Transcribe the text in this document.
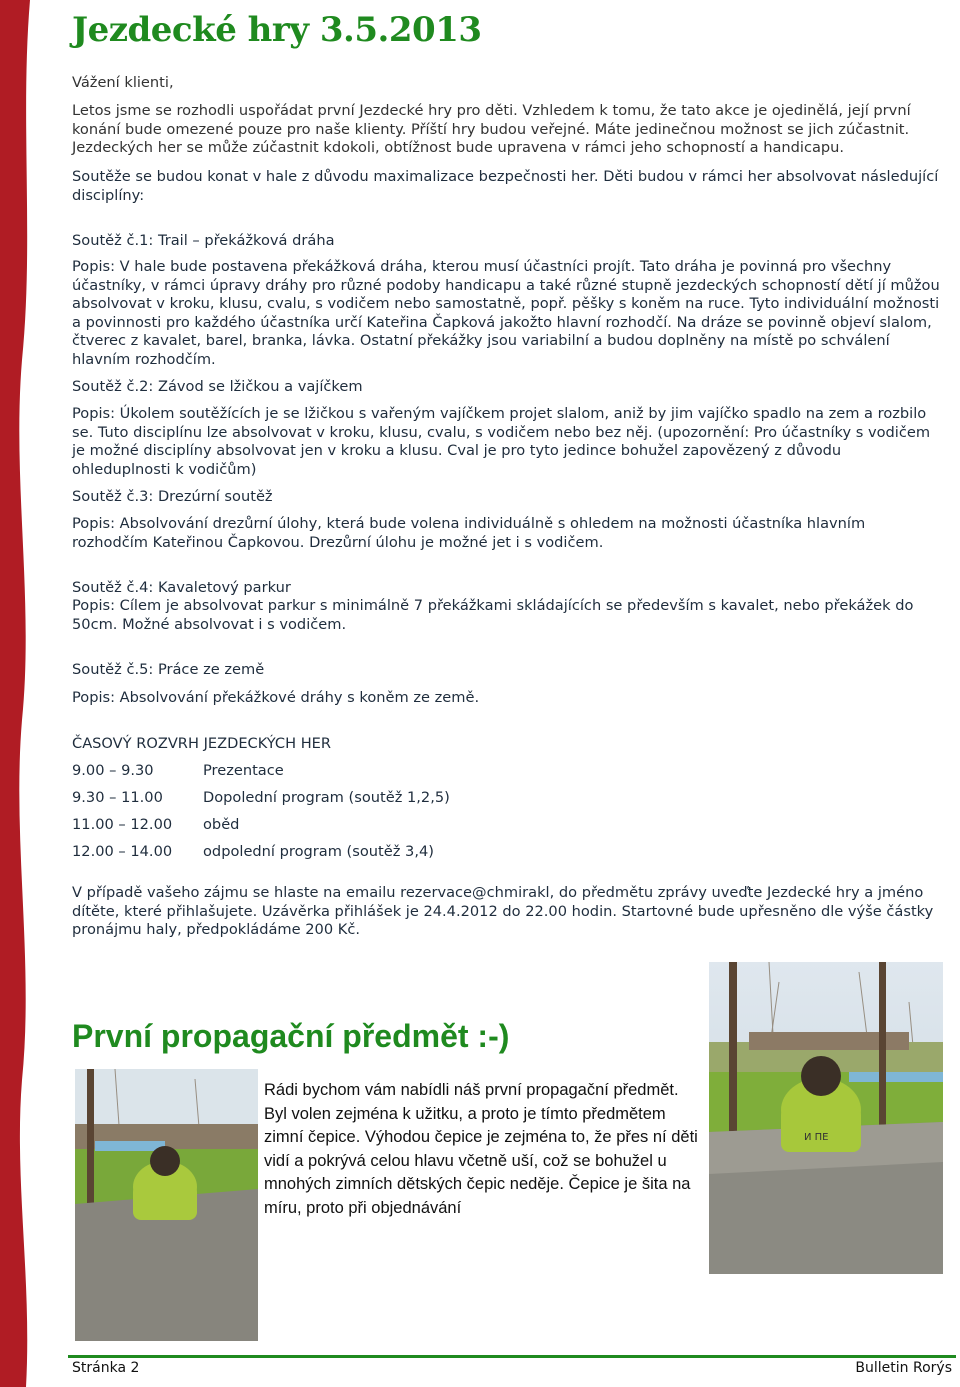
Jezdecké hry 3.5.2013

Vážení klienti,

Letos jsme se rozhodli uspořádat první Jezdecké hry pro děti. Vzhledem k tomu, že tato akce je ojedinělá, její první konání bude omezené pouze pro naše klienty. Příští hry budou veřejné. Máte jedinečnou možnost se jich zúčastnit. Jezdeckých her se může zúčastnit kdokoli, obtížnost bude upravena v rámci jeho schopností a handicapu.

Soutěže se budou konat v hale z důvodu maximalizace bezpečnosti her. Děti budou v rámci her absolvovat následující disciplíny:

Soutěž č.1: Trail – překážková dráha

Popis: V hale bude postavena překážková dráha, kterou musí účastníci projít. Tato dráha je povinná pro všechny účastníky, v rámci úpravy dráhy pro různé podoby handicapu a také různé stupně jezdeckých schopností dětí jí můžou absolvovat v kroku, klusu, cvalu, s vodičem nebo samostatně, popř. pěšky s koněm na ruce. Tyto individuální možnosti a povinnosti pro každého účastníka určí Kateřina Čapková jakožto hlavní rozhodčí. Na dráze se povinně objeví slalom, čtverec z kavalet, barel, branka, lávka. Ostatní překážky jsou variabilní a budou doplněny na místě po schválení hlavním rozhodčím.

Soutěž č.2: Závod se lžičkou a vajíčkem

Popis: Úkolem soutěžících je se lžičkou s vařeným vajíčkem projet slalom, aniž by jim vajíčko spadlo na zem a rozbilo se. Tuto disciplínu lze absolvovat v kroku, klusu, cvalu, s vodičem nebo bez něj. (upozornění: Pro účastníky s vodičem je možné disciplíny absolvovat jen v kroku a klusu. Cval je pro tyto jedince bohužel zapovězený z důvodu ohleduplnosti k vodičům)

Soutěž č.3: Drezúrní soutěž

Popis: Absolvování drezůrní úlohy, která bude volena individuálně s ohledem na možnosti účastníka hlavním rozhodčím Kateřinou Čapkovou. Drezůrní úlohu je možné jet i s vodičem.

Soutěž č.4: Kavaletový parkur

Popis: Cílem je absolvovat parkur s minimálně 7 překážkami skládajících se především s kavalet, nebo překážek do 50cm. Možné absolvovat i s vodičem.

Soutěž č.5: Práce ze země

Popis: Absolvování překážkové dráhy s koněm ze země.

ČASOVÝ ROZVRH JEZDECKÝCH HER

9.00 – 9.30	Prezentace
9.30 – 11.00	Dopolední program (soutěž 1,2,5)
11.00 – 12.00 oběd
12.00 – 14.00 odpolední program (soutěž 3,4)

V případě vašeho zájmu se hlaste na emailu rezervace@chmirakl, do předmětu zprávy uveďte Jezdecké hry a jméno dítěte, které přihlašujete. Uzávěrka přihlášek je 24.4.2012 do 22.00 hodin. Startovné bude upřesněno dle výše částky pronájmu haly, předpokládáme 200 Kč.

И ПЕ
První propagační předmět :-)

Rádi bychom vám nabídli náš první propagační předmět. Byl volen zejména k užitku, a proto je tímto předmětem zimní čepice. Výhodou čepice je zejména to, že přes ní děti vidí a pokrývá celou hlavu včetně uší, což se bohužel u mnohých zimních dětských čepic neděje. Čepice je šita na míru, proto při objednávání

Stránka 2	Bulletin Rorýs
